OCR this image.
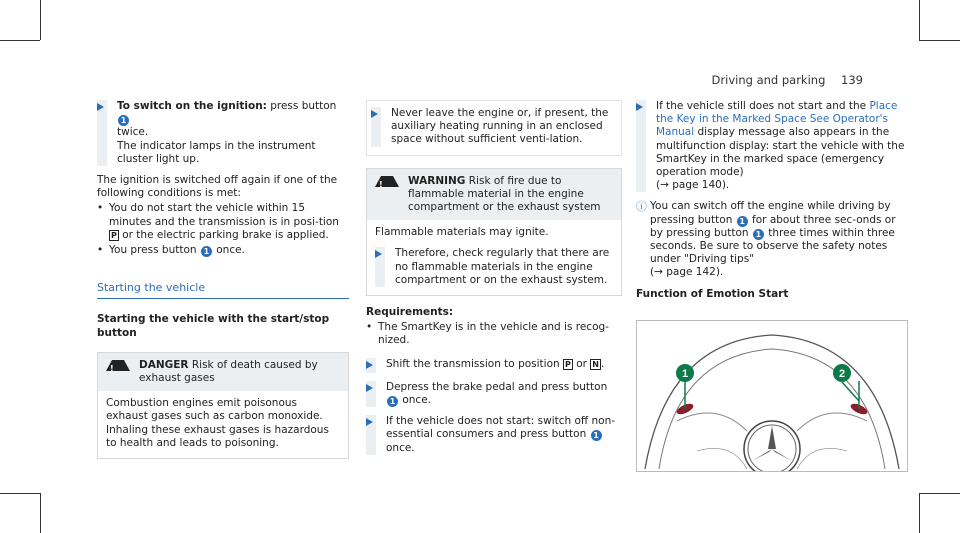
Driving and parking 139
To switch on the ignition: press button 1
twice.
The indicator lamps in the instrument cluster light up.
The ignition is switched off again if one of the following conditions is met:
• You do not start the vehicle within 15 minutes and the transmission is in posi-tion P or the electric parking brake is applied.
• You press button 1 once.
Starting the vehicle
Starting the vehicle with the start/stop button
! DANGER Risk of death caused by exhaust gases
Combustion engines emit poisonous exhaust gases such as carbon monoxide. Inhaling these exhaust gases is hazardous to health and leads to poisoning.
Never leave the engine or, if present, the auxiliary heating running in an enclosed space without sufficient venti-lation.
! WARNING Risk of fire due to flammable material in the engine compartment or the exhaust system
Flammable materials may ignite.
Therefore, check regularly that there are no flammable materials in the engine compartment or on the exhaust system.
Requirements:
• The SmartKey is in the vehicle and is recog-nized.
Shift the transmission to position P or N .
Depress the brake pedal and press button 1 once.
If the vehicle does not start: switch off non-essential consumers and press button 1
once.
If the vehicle still does not start and the Place the Key in the Marked Space See Operator's Manual display message also appears in the multifunction display: start the vehicle with the SmartKey in the marked space (emergency operation mode)
(→ page 140).
ⓘ You can switch off the engine while driving by pressing button 1 for about three sec-onds or by pressing button 1 three times within three seconds. Be sure to observe the safety notes under "Driving tips"
(→ page 142).
Function of Emotion Start
1	2
